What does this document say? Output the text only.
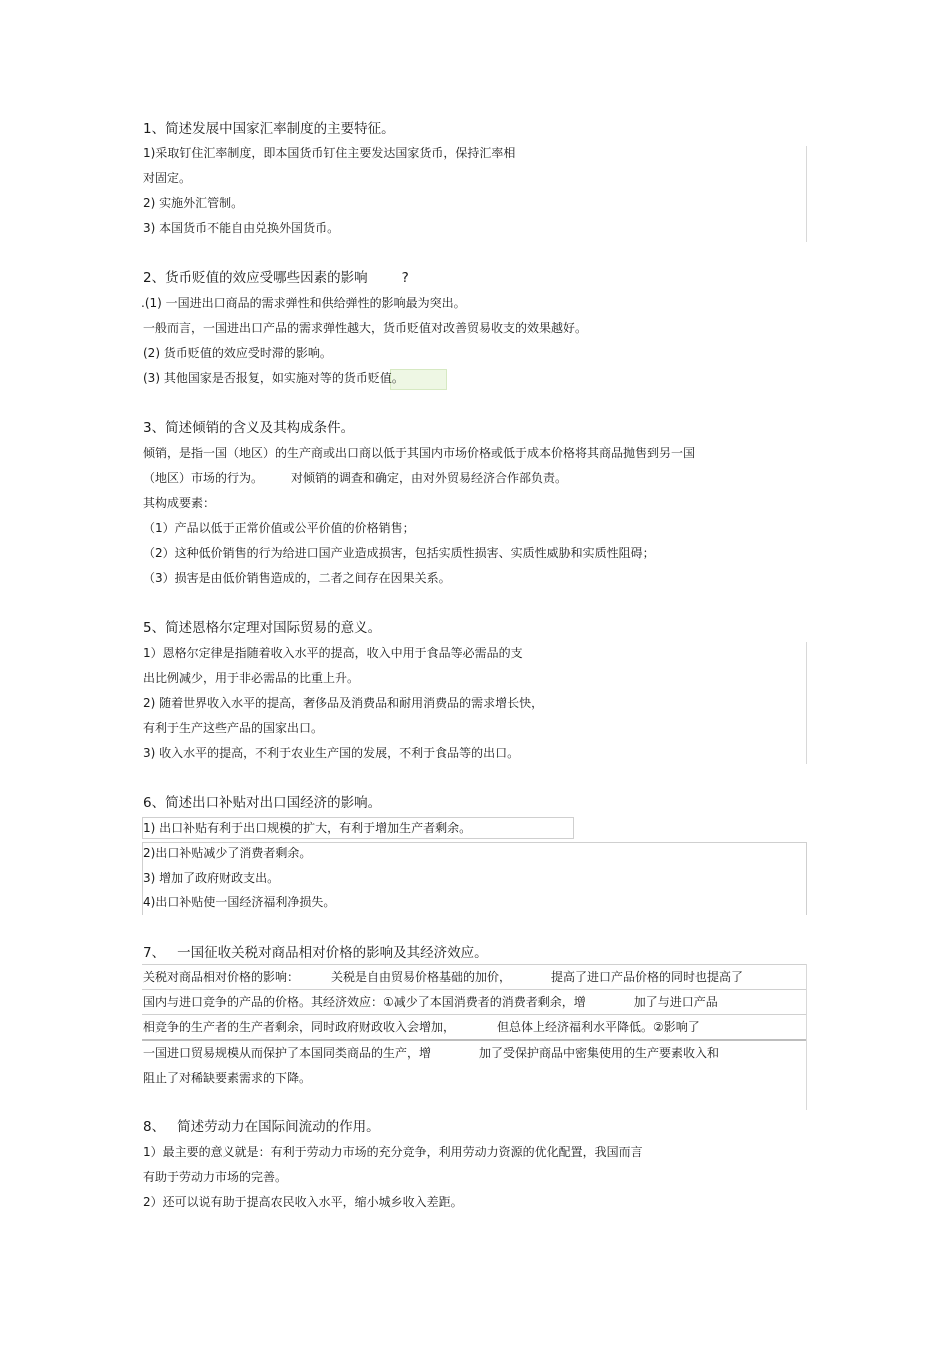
1、简述发展中国家汇率制度的主要特征。
1)采取钉住汇率制度，即本国货币钉住主要发达国家货币，保持汇率相
对固定。
2) 实施外汇管制。
3) 本国货币不能自由兑换外国货币。
2、货币贬值的效应受哪些因素的影响	?
.(1) 一国进出口商品的需求弹性和供给弹性的影响最为突出。
一般而言，一国进出口产品的需求弹性越大，货币贬值对改善贸易收支的效果越好。
(2) 货币贬值的效应受时滞的影响。
(3) 其他国家是否报复，如实施对等的货币贬值。
3、简述倾销的含义及其构成条件。
倾销，是指一国（地区）的生产商或出口商以低于其国内市场价格或低于成本价格将其商品抛售到另一国
（地区）市场的行为。 对倾销的调查和确定，由对外贸易经济合作部负责。
其构成要素：
（1）产品以低于正常价值或公平价值的价格销售；
（2）这种低价销售的行为给进口国产业造成损害，包括实质性损害、实质性威胁和实质性阻碍；
（3）损害是由低价销售造成的，二者之间存在因果关系。
5、简述恩格尔定理对国际贸易的意义。
1）恩格尔定律是指随着收入水平的提高，收入中用于食品等必需品的支
出比例减少，用于非必需品的比重上升。
2) 随着世界收入水平的提高，奢侈品及消费品和耐用消费品的需求增长快，
有利于生产这些产品的国家出口。
3) 收入水平的提高，不利于农业生产国的发展，不利于食品等的出口。
6、简述出口补贴对出口国经济的影响。
1) 出口补贴有利于出口规模的扩大，有利于增加生产者剩余。
2)出口补贴减少了消费者剩余。
3) 增加了政府财政支出。
4)出口补贴使一国经济福利净损失。
7、 一国征收关税对商品相对价格的影响及其经济效应。
关税对商品相对价格的影响：	关税是自由贸易价格基础的加价，	提高了进口产品价格的同时也提高了
国内与进口竞争的产品的价格。其经济效应：①减少了本国消费者的消费者剩余，增	加了与进口产品
相竞争的生产者的生产者剩余，同时政府财政收入会增加，	但总体上经济福利水平降低。②影响了
一国进口贸易规模从而保护了本国同类商品的生产，增	加了受保护商品中密集使用的生产要素收入和
阻止了对稀缺要素需求的下降。
8、 简述劳动力在国际间流动的作用。
1）最主要的意义就是：有利于劳动力市场的充分竞争，利用劳动力资源的优化配置，我国而言
有助于劳动力市场的完善。
2）还可以说有助于提高农民收入水平，缩小城乡收入差距。
